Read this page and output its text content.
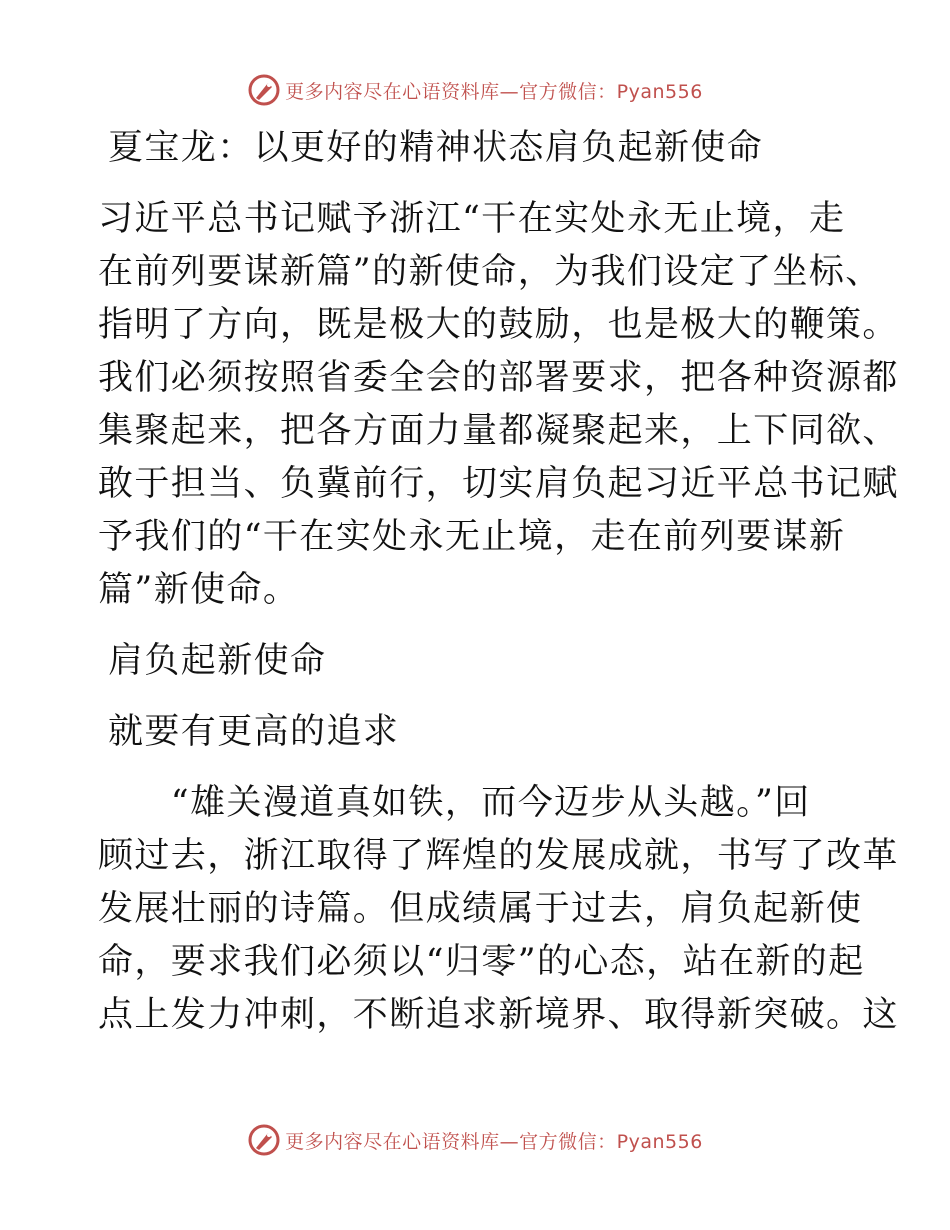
更多内容尽在心语资料库—官方微信：Pyan556
夏宝龙：以更好的精神状态肩负起新使命
习近平总书记赋予浙江“干在实处永无止境，走
在前列要谋新篇”的新使命，为我们设定了坐标、
指明了方向，既是极大的鼓励，也是极大的鞭策。
我们必须按照省委全会的部署要求，把各种资源都
集聚起来，把各方面力量都凝聚起来，上下同欲、
敢于担当、负冀前行，切实肩负起习近平总书记赋
予我们的“干在实处永无止境，走在前列要谋新
篇”新使命。
肩负起新使命
就要有更高的追求
　　“雄关漫道真如铁，而今迈步从头越。”回
顾过去，浙江取得了辉煌的发展成就，书写了改革
发展壮丽的诗篇。但成绩属于过去，肩负起新使
命，要求我们必须以“归零”的心态，站在新的起
点上发力冲刺，不断追求新境界、取得新突破。这
更多内容尽在心语资料库—官方微信：Pyan556
